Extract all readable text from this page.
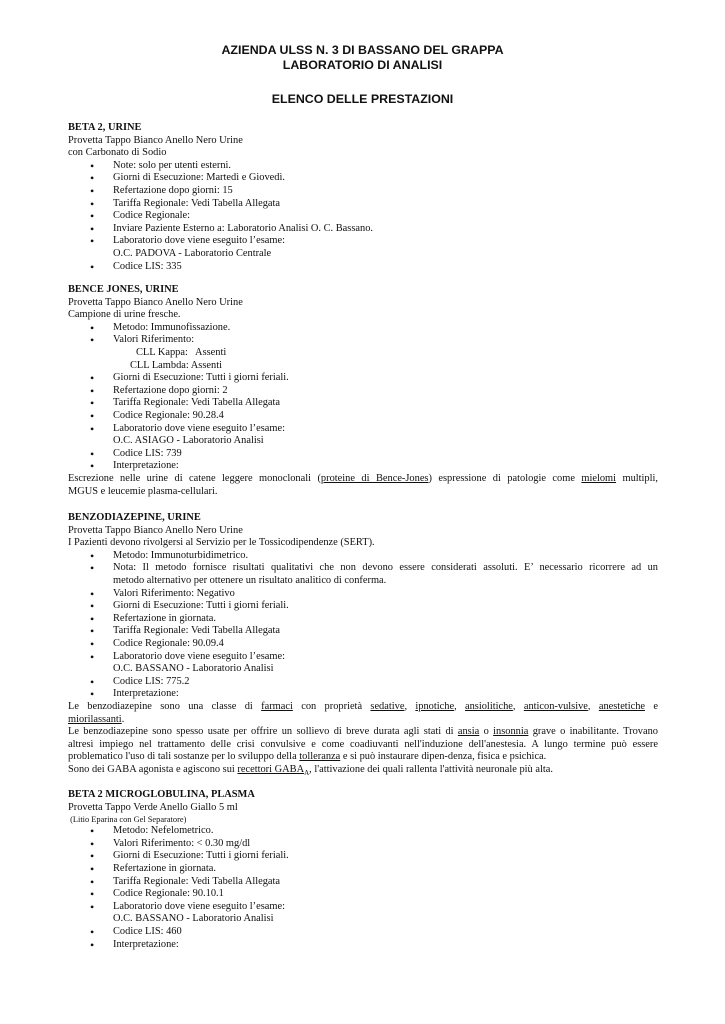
AZIENDA ULSS N. 3 DI BASSANO DEL GRAPPA
LABORATORIO DI ANALISI
ELENCO DELLE PRESTAZIONI
BETA 2, URINE
Provetta Tappo Bianco Anello Nero Urine
con Carbonato di Sodio
• Note: solo per utenti esterni.
• Giorni di Esecuzione: Martedì e Giovedì.
• Refertazione dopo giorni: 15
• Tariffa Regionale: Vedi Tabella Allegata
• Codice Regionale:
• Inviare Paziente Esterno a: Laboratorio Analisi O. C. Bassano.
• Laboratorio dove viene eseguito l’esame:
O.C. PADOVA - Laboratorio Centrale
• Codice LIS: 335
BENCE JONES, URINE
Provetta Tappo Bianco Anello Nero Urine
Campione di urine fresche.
• Metodo: Immunofissazione.
• Valori Riferimento:
CLL Kappa:   Assenti
CLL Lambda: Assenti
• Giorni di Esecuzione: Tutti i giorni feriali.
• Refertazione dopo giorni: 2
• Tariffa Regionale: Vedi Tabella Allegata
• Codice Regionale: 90.28.4
• Laboratorio dove viene eseguito l’esame:
O.C. ASIAGO - Laboratorio Analisi
• Codice LIS: 739
• Interpretazione:
Escrezione nelle urine di catene leggere monoclonali (proteine di Bence-Jones) espressione di patologie come mielomi multipli,
MGUS e leucemie plasma-cellulari.
BENZODIAZEPINE, URINE
Provetta Tappo Bianco Anello Nero Urine
I Pazienti devono rivolgersi al Servizio per le Tossicodipendenze (SERT).
• Metodo: Immunoturbidimetrico.
• Nota: Il metodo fornisce risultati qualitativi che non devono essere considerati assoluti. E’ necessario ricorrere ad un
metodo alternativo per ottenere un risultato analitico di conferma.
• Valori Riferimento: Negativo
• Giorni di Esecuzione: Tutti i giorni feriali.
• Refertazione in giornata.
• Tariffa Regionale: Vedi Tabella Allegata
• Codice Regionale: 90.09.4
• Laboratorio dove viene eseguito l’esame:
O.C. BASSANO - Laboratorio Analisi
• Codice LIS: 775.2
• Interpretazione:
Le benzodiazepine sono una classe di farmaci con proprietà sedative, ipnotiche, ansiolitiche, anticon-vulsive, anestetiche e
miorilassanti.
Le benzodiazepine sono spesso usate per offrire un sollievo di breve durata agli stati di ansia o insonnia grave o inabilitante. Trovano
altresì impiego nel trattamento delle crisi convulsive e come coadiuvanti nell'induzione dell'anestesia. A lungo termine può essere
problematico l'uso di tali sostanze per lo sviluppo della tolleranza e si può instaurare dipen-denza, fisica e psichica.
Sono dei GABA agonista e agiscono sui recettori $GABA_A$, l'attivazione dei quali rallenta l'attività neuronale più alta.
BETA 2 MICROGLOBULINA, PLASMA
Provetta Tappo Verde Anello Giallo 5 ml
(Litio Eparina con Gel Separatore)
• Metodo: Nefelometrico.
• Valori Riferimento: < 0.30 mg/dl
• Giorni di Esecuzione: Tutti i giorni feriali.
• Refertazione in giornata.
• Tariffa Regionale: Vedi Tabella Allegata
• Codice Regionale: 90.10.1
• Laboratorio dove viene eseguito l’esame:
O.C. BASSANO - Laboratorio Analisi
• Codice LIS: 460
• Interpretazione:
